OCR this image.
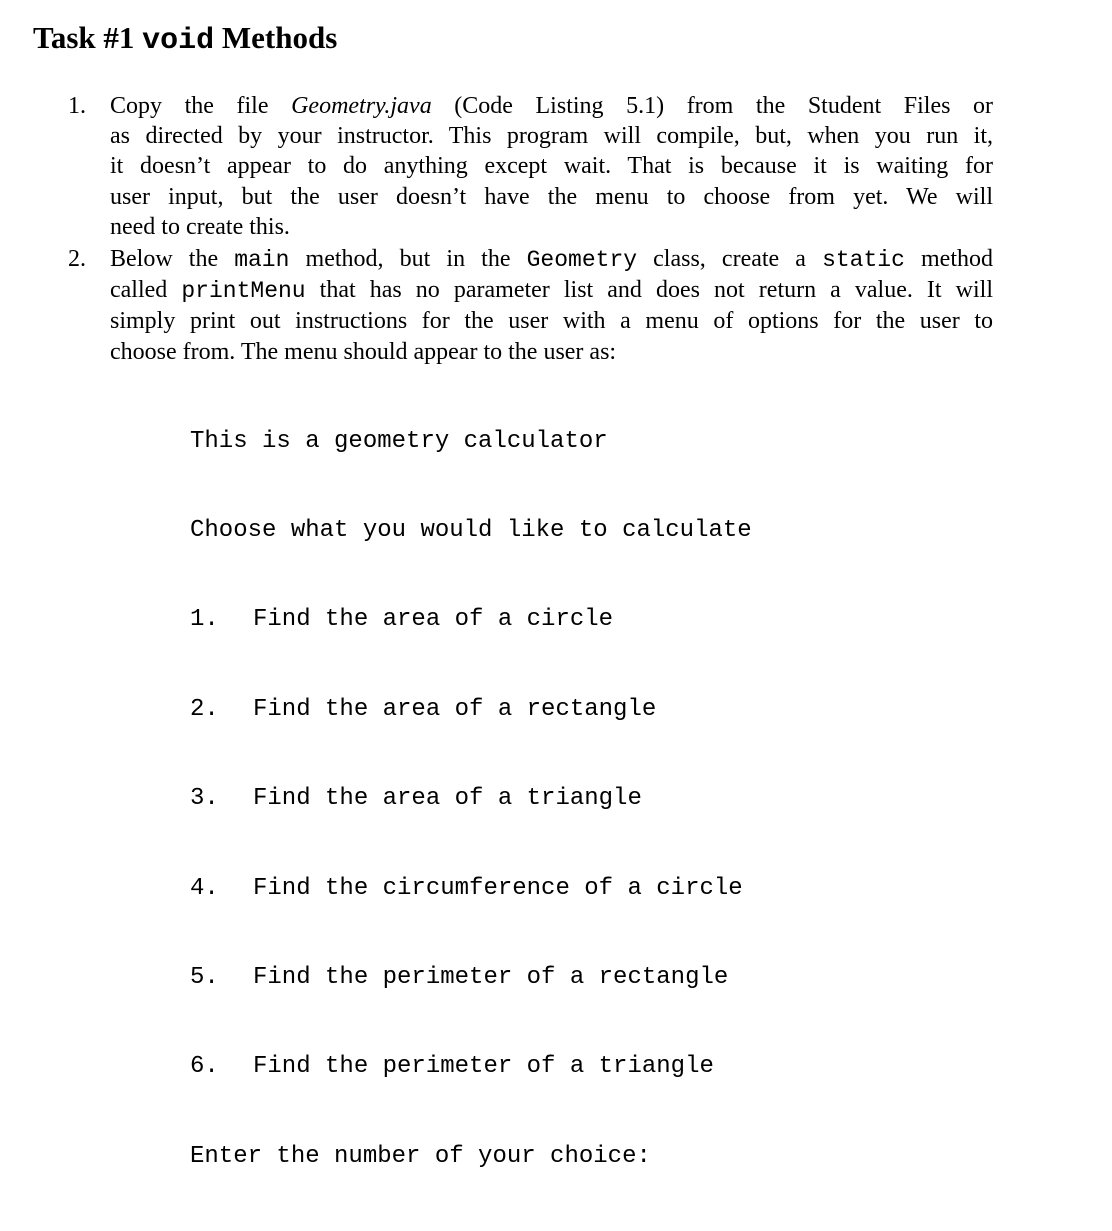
Task #1 void Methods
1. Copy the file Geometry.java (Code Listing 5.1) from the Student Files or
as directed by your instructor. This program will compile, but, when you run it,
it doesn’t appear to do anything except wait. That is because it is waiting for
user input, but the user doesn’t have the menu to choose from yet. We will
need to create this.
2. Below the main method, but in the Geometry class, create a static method
called printMenu that has no parameter list and does not return a value. It will
simply print out instructions for the user with a menu of options for the user to
choose from. The menu should appear to the user as:

This is a geometry calculator

Choose what you would like to calculate

1. Find the area of a circle

2. Find the area of a rectangle

3. Find the area of a triangle

4. Find the circumference of a circle

5. Find the perimeter of a rectangle

6. Find the perimeter of a triangle

Enter the number of your choice:
